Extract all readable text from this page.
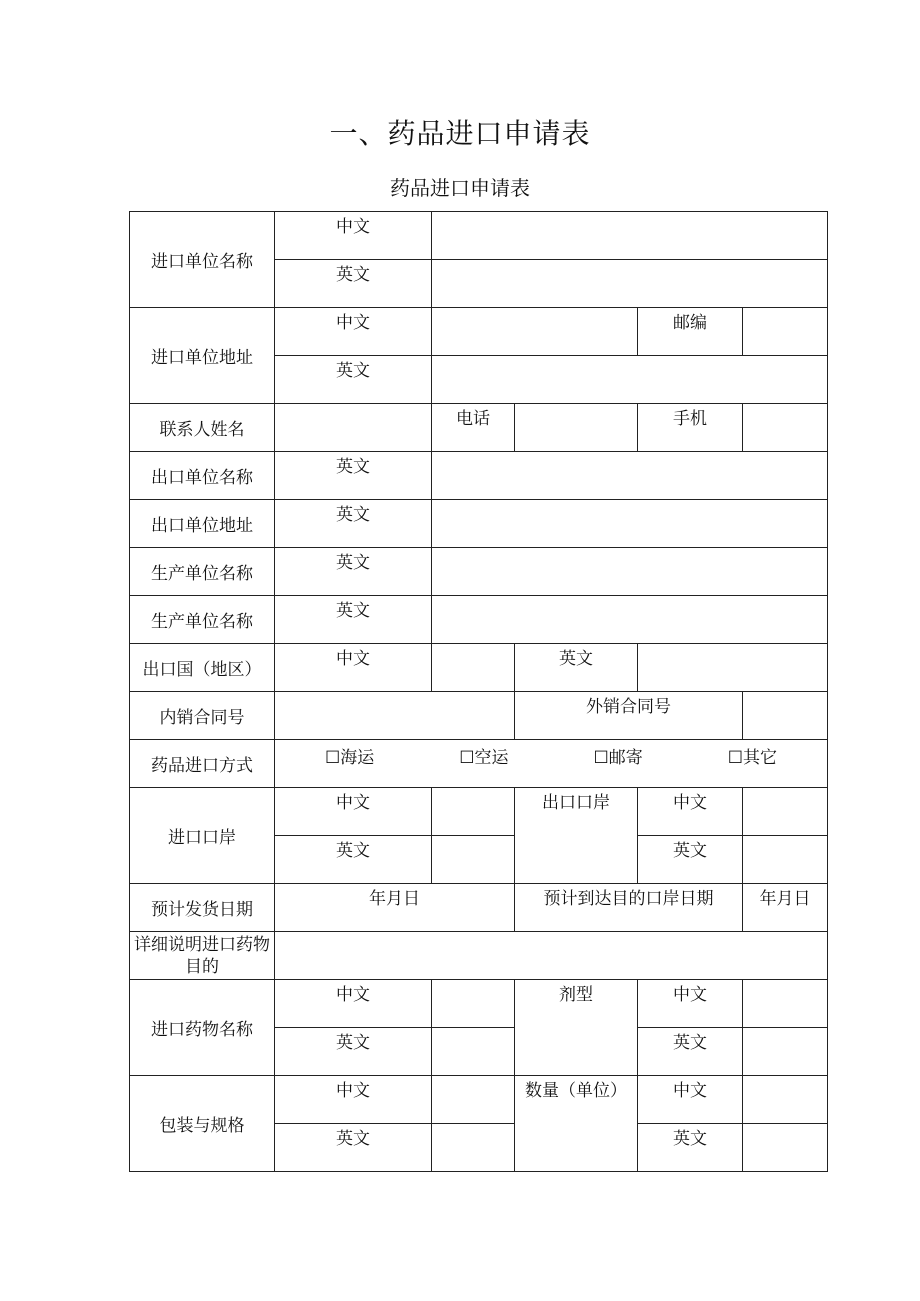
一、药品进口申请表
药品进口申请表
进口单位名称	中文				
	英文				
进口单位地址	中文			邮编	
	英文				
联系人姓名		电话		手机	
出口单位名称	英文				
出口单位地址	英文				
生产单位名称	英文				
生产单位名称	英文				
出口国（地区）	中文		英文		
内销合同号			外销合同号		
药品进口方式	☐海运 ☐空运 ☐邮寄 ☐其它				

进口口岸	中文		出口口岸	中文	
	英文			英文	
预计发货日期	年月日		预计到达目的口岸日期		年月日
详细说明进口药物目的					
进口药物名称	中文		剂型	中文	
	英文			英文	
包装与规格	中文		数量（单位）	中文	
	英文			英文	
